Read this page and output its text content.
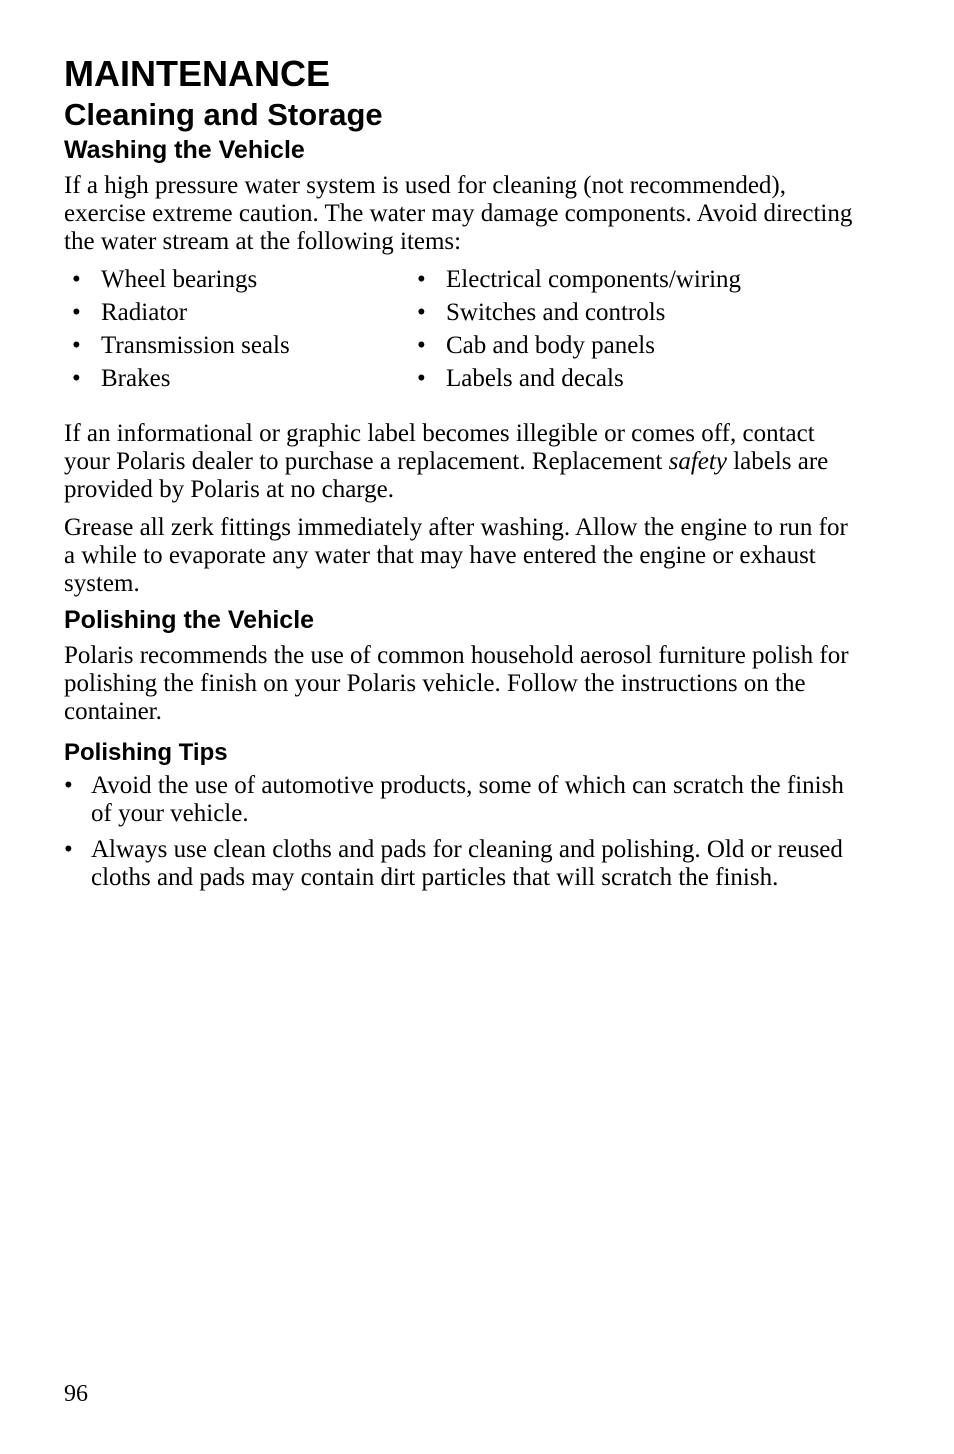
MAINTENANCE
Cleaning and Storage
Washing the Vehicle

If a high pressure water system is used for cleaning (not recommended), exercise extreme caution. The water may damage components. Avoid directing the water stream at the following items:

• Wheel bearings	• Electrical components/wiring
• Radiator	• Switches and controls
• Transmission seals	• Cab and body panels
• Brakes	• Labels and decals

If an informational or graphic label becomes illegible or comes off, contact your Polaris dealer to purchase a replacement. Replacement safety labels are provided by Polaris at no charge.

Grease all zerk fittings immediately after washing. Allow the engine to run for a while to evaporate any water that may have entered the engine or exhaust system.

Polishing the Vehicle

Polaris recommends the use of common household aerosol furniture polish for polishing the finish on your Polaris vehicle. Follow the instructions on the container.

Polishing Tips
• Avoid the use of automotive products, some of which can scratch the finish of your vehicle.
• Always use clean cloths and pads for cleaning and polishing. Old or reused cloths and pads may contain dirt particles that will scratch the finish.
96
